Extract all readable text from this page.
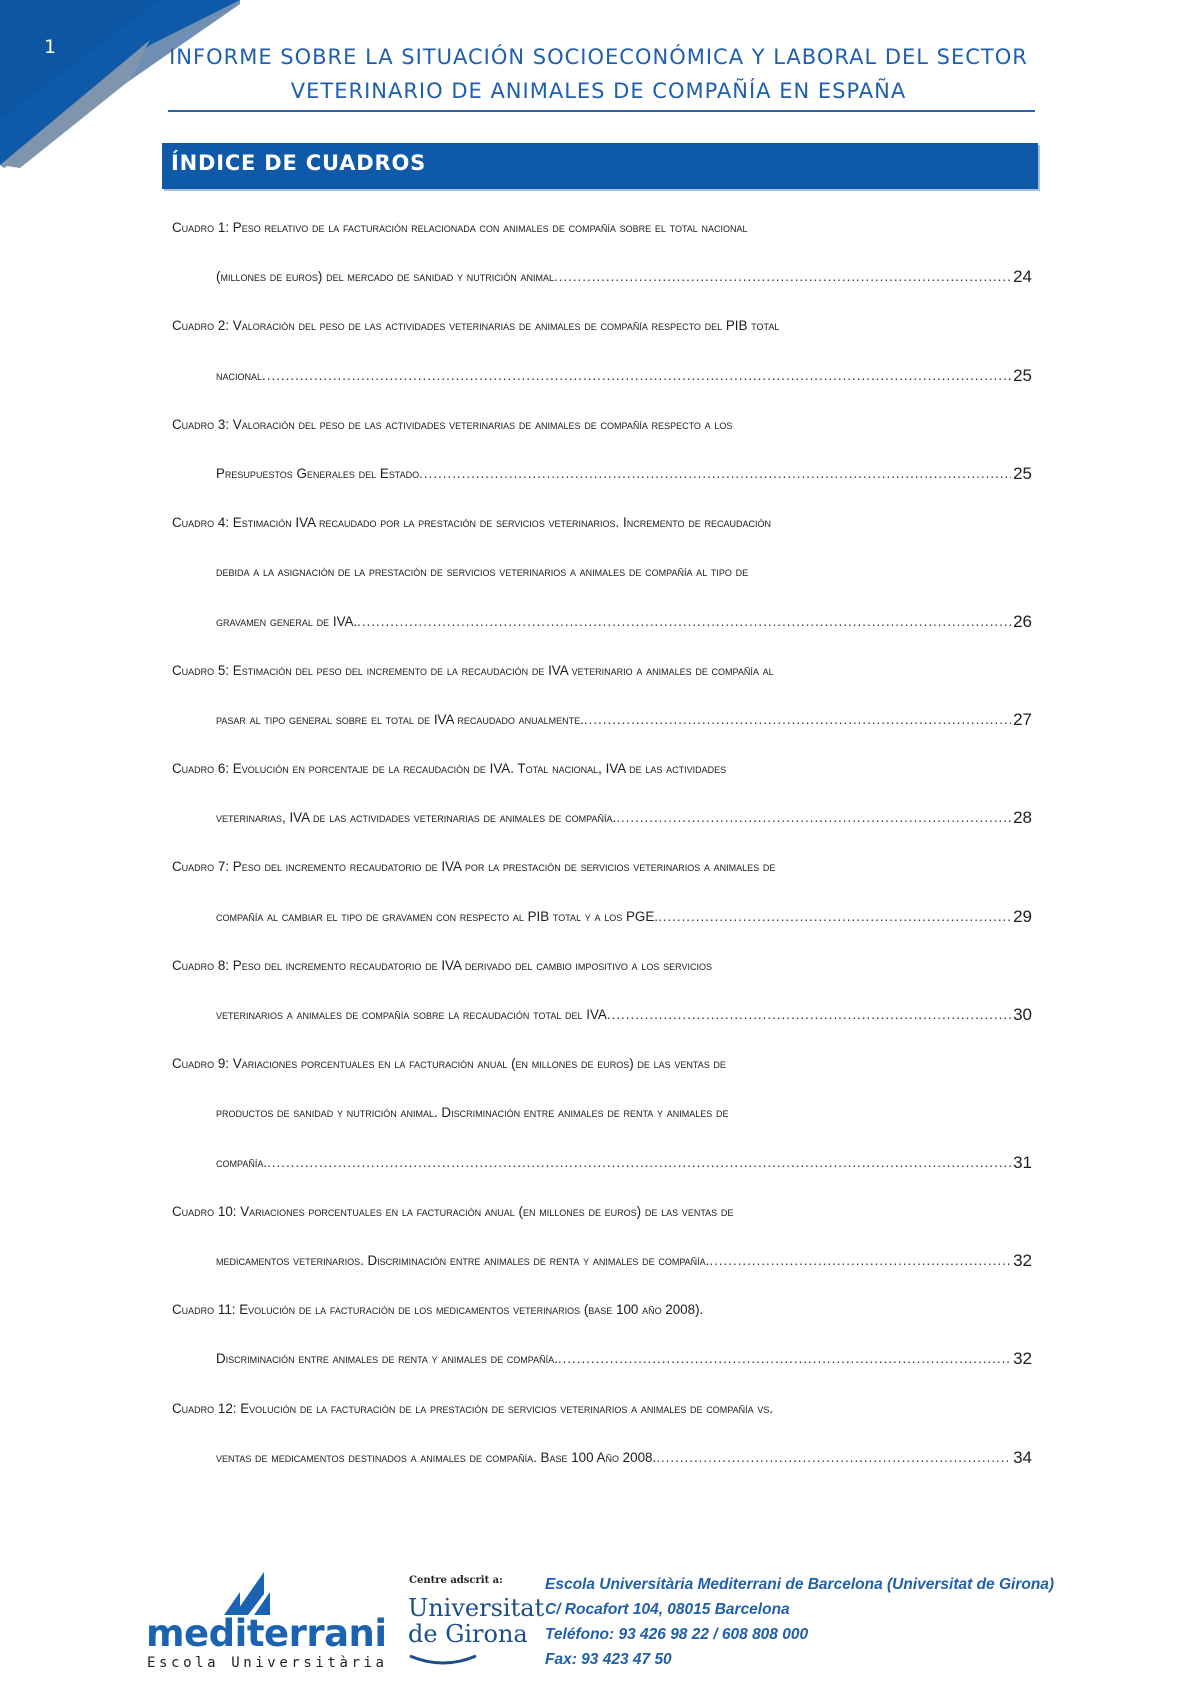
1	INFORME SOBRE LA SITUACIÓN SOCIOECONÓMICA Y LABORAL DEL SECTOR
VETERINARIO DE ANIMALES DE COMPAÑÍA EN ESPAÑA
ÍNDICE DE CUADROS
Cuadro 1: Peso relativo de la facturación relacionada con animales de compañía sobre el total nacional
(millones de euros) del mercado de sanidad y nutrición animal .....	24
Cuadro 2: Valoración del peso de las actividades veterinarias de animales de compañía respecto del PIB total
nacional .....	25
Cuadro 3: Valoración del peso de las actividades veterinarias de animales de compañía respecto a los
Presupuestos Generales del Estado .....	25
Cuadro 4: Estimación IVA recaudado por la prestación de servicios veterinarios. Incremento de recaudación
debida a la asignación de la prestación de servicios veterinarios a animales de compañía al tipo de
gravamen general de IVA. .....	26
Cuadro 5: Estimación del peso del incremento de la recaudación de IVA veterinario a animales de compañía al
pasar al tipo general sobre el total de IVA recaudado anualmente. .....	27
Cuadro 6: Evolución en porcentaje de la recaudación de IVA. Total nacional, IVA de las actividades
veterinarias, IVA de las actividades veterinarias de animales de compañía. .....	28
Cuadro 7: Peso del incremento recaudatorio de IVA por la prestación de servicios veterinarios a animales de
compañía al cambiar el tipo de gravamen con respecto al PIB total y a los PGE. .....	29
Cuadro 8: Peso del incremento recaudatorio de IVA derivado del cambio impositivo a los servicios
veterinarios a animales de compañía sobre la recaudación total del IVA .....	30
Cuadro 9: Variaciones porcentuales en la facturación anual (en millones de euros) de las ventas de
productos de sanidad y nutrición animal. Discriminación entre animales de renta y animales de
compañía. .....	31
Cuadro 10: Variaciones porcentuales en la facturación anual (en millones de euros) de las ventas de
medicamentos veterinarios. Discriminación entre animales de renta y animales de compañía. .....	32
Cuadro 11: Evolución de la facturación de los medicamentos veterinarios (base 100 año 2008).
Discriminación entre animales de renta y animales de compañía. .....	32
Cuadro 12: Evolución de la facturación de la prestación de servicios veterinarios a animales de compañía vs.
ventas de medicamentos destinados a animales de compañía. Base 100 Año 2008. .....	34
mediterrani
Escola Universitària
Centre adscrit a:
Universitat
de Girona
Escola Universitària Mediterrani de Barcelona (Universitat de Girona)
C/ Rocafort 104, 08015 Barcelona
Teléfono: 93 426 98 22 / 608 808 000
Fax: 93 423 47 50
